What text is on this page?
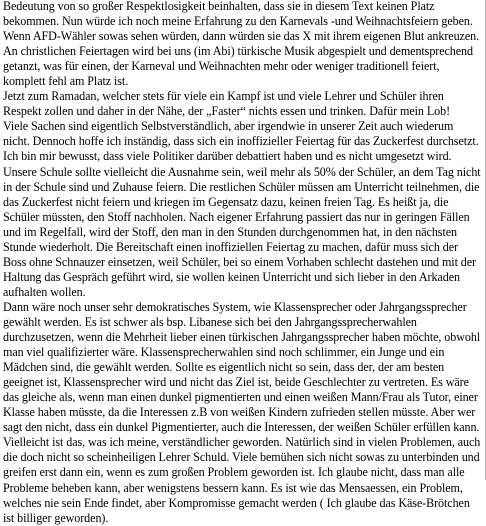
Bedeutung von so großer Respektlosigkeit beinhalten, dass sie in diesem Text keinen Platz
bekommen. Nun würde ich noch meine Erfahrung zu den Karnevals -und Weihnachtsfeiern geben.
Wenn AFD-Wähler sowas sehen würden, dann würden sie das X mit ihrem eigenen Blut ankreuzen.
An christlichen Feiertagen wird bei uns (im Abi) türkische Musik abgespielt und dementsprechend
getanzt, was für einen, der Karneval und Weihnachten mehr oder weniger traditionell feiert,
komplett fehl am Platz ist.
Jetzt zum Ramadan, welcher stets für viele ein Kampf ist und viele Lehrer und Schüler ihren
Respekt zollen und daher in der Nähe, der „Faster“ nichts essen und trinken. Dafür mein Lob!
Viele Sachen sind eigentlich Selbstverständlich, aber irgendwie in unserer Zeit auch wiederum
nicht. Dennoch hoffe ich inständig, dass sich ein inoffizieller Feiertag für das Zuckerfest durchsetzt.
Ich bin mir bewusst, dass viele Politiker darüber debattiert haben und es nicht umgesetzt wird.
Unsere Schule sollte vielleicht die Ausnahme sein, weil mehr als 50% der Schüler, an dem Tag nicht
in der Schule sind und Zuhause feiern. Die restlichen Schüler müssen am Unterricht teilnehmen, die
das Zuckerfest nicht feiern und kriegen im Gegensatz dazu, keinen freien Tag. Es heißt ja, die
Schüler müssten, den Stoff nachholen. Nach eigener Erfahrung passiert das nur in geringen Fällen
und im Regelfall, wird der Stoff, den man in den Stunden durchgenommen hat, in den nächsten
Stunde wiederholt. Die Bereitschaft einen inoffiziellen Feiertag zu machen, dafür muss sich der
Boss ohne Schnauzer einsetzen, weil Schüler, bei so einem Vorhaben schlecht dastehen und mit der
Haltung das Gespräch geführt wird, sie wollen keinen Unterricht und sich lieber in den Arkaden
aufhalten wollen.
Dann wäre noch unser sehr demokratisches System, wie Klassensprecher oder Jahrgangssprecher
gewählt werden. Es ist schwer als bsp. Libanese sich bei den Jahrgangssprecherwahlen
durchzusetzen, wenn die Mehrheit lieber einen türkischen Jahrgangssprecher haben möchte, obwohl
man viel qualifizierter wäre. Klassensprecherwahlen sind noch schlimmer, ein Junge und ein
Mädchen sind, die gewählt werden. Sollte es eigentlich nicht so sein, dass der, der am besten
geeignet ist, Klassensprecher wird und nicht das Ziel ist, beide Geschlechter zu vertreten. Es wäre
das gleiche als, wenn man einen dunkel pigmentierten und einen weißen Mann/Frau als Tutor, einer
Klasse haben müsste, da die Interessen z.B von weißen Kindern zufrieden stellen müsste. Aber wer
sagt den nicht, dass ein dunkel Pigmentierter, auch die Interessen, der weißen Schüler erfüllen kann.
Vielleicht ist das, was ich meine, verständlicher geworden. Natürlich sind in vielen Problemen, auch
die doch nicht so scheinheiligen Lehrer Schuld. Viele bemühen sich nicht sowas zu unterbinden und
greifen erst dann ein, wenn es zum großen Problem geworden ist. Ich glaube nicht, dass man alle
Probleme beheben kann, aber wenigstens bessern kann. Es ist wie das Mensaessen, ein Problem,
welches nie sein Ende findet, aber Kompromisse gemacht werden ( Ich glaube das Käse-Brötchen
ist billiger geworden).
